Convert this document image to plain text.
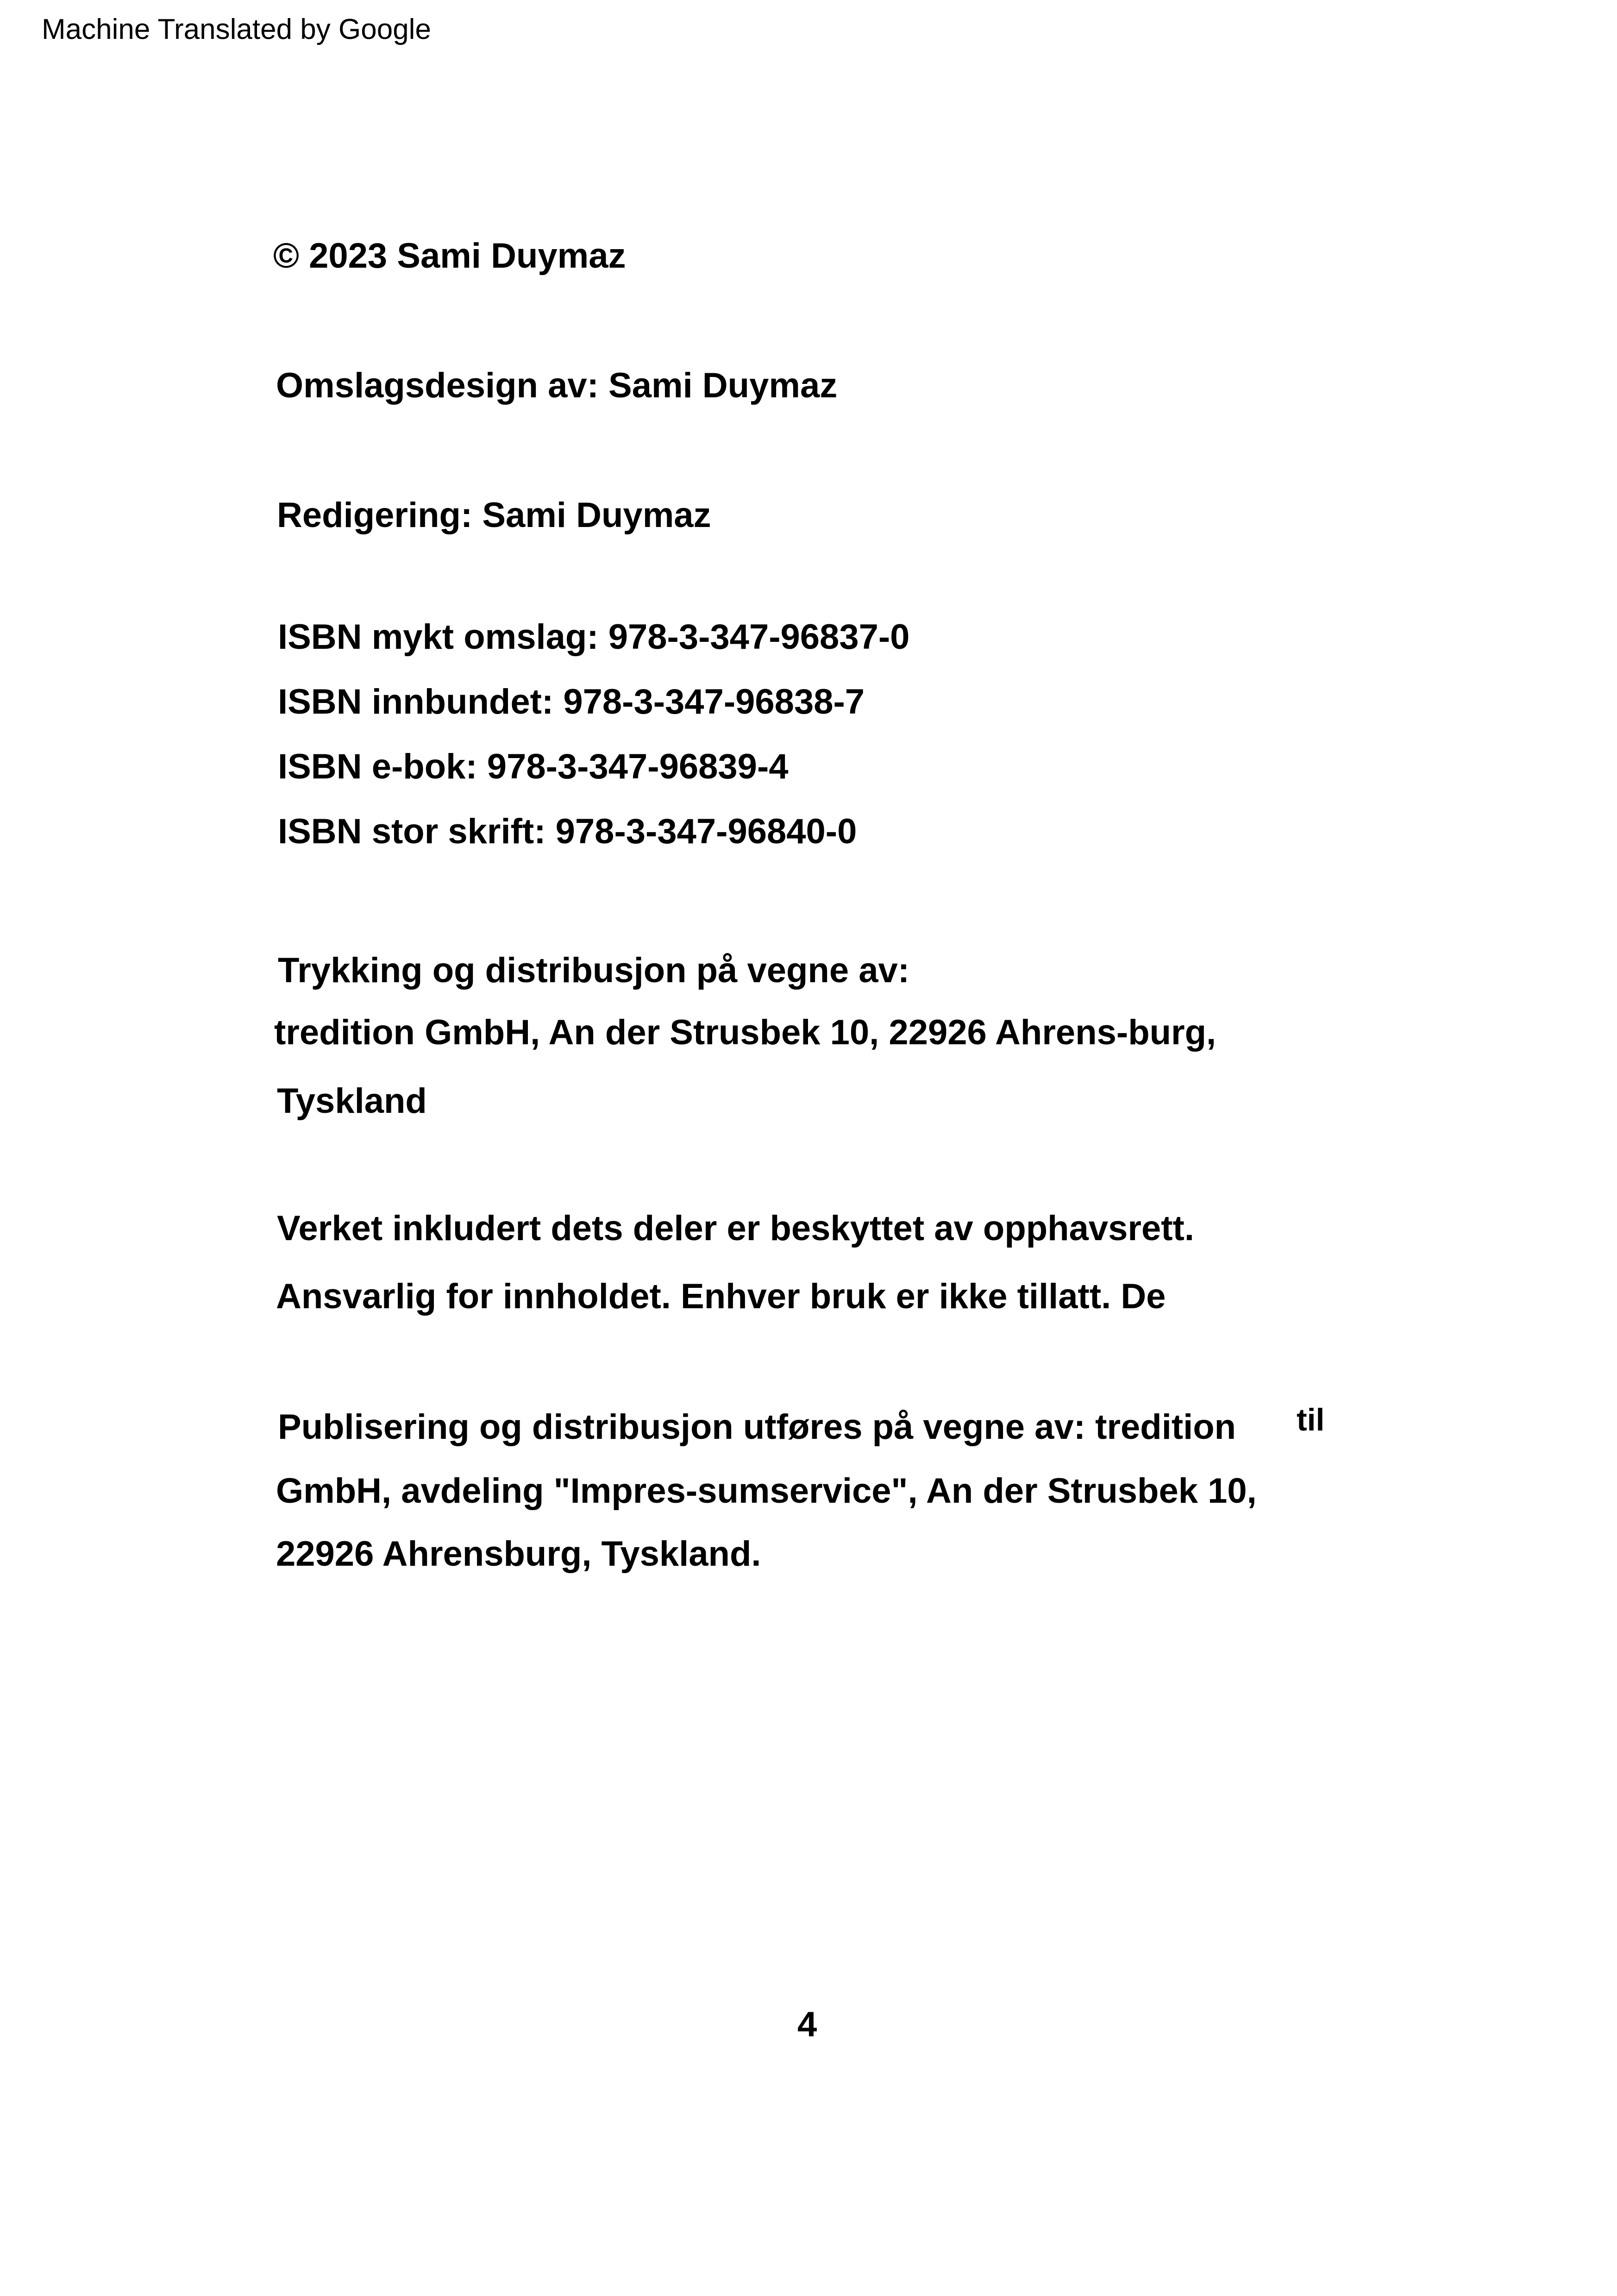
Machine Translated by Google
© 2023 Sami Duymaz
Omslagsdesign av: Sami Duymaz
Redigering: Sami Duymaz
ISBN mykt omslag: 978-3-347-96837-0
ISBN innbundet: 978-3-347-96838-7
ISBN e-bok: 978-3-347-96839-4
ISBN stor skrift: 978-3-347-96840-0
Trykking og distribusjon på vegne av:
tredition GmbH, An der Strusbek 10, 22926 Ahrens-burg,
Tyskland
Verket inkludert dets deler er beskyttet av opphavsrett.
Ansvarlig for innholdet. Enhver bruk er ikke tillatt. De
Publisering og distribusjon utføres på vegne av: tredition til
GmbH, avdeling "Impres-sumservice", An der Strusbek 10,
22926 Ahrensburg, Tyskland.
4
